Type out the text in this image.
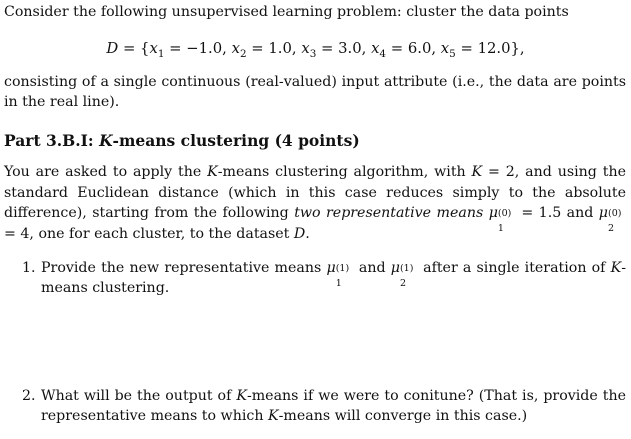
Consider the following unsupervised learning problem: cluster the data points
$D = \{x_1 = -1.0$, $x_2 = 1.0$, $x_3 = 3.0$, $x_4 = 6.0$, $x_5 = 12.0$},
consisting of a single continuous (real-valued) input attribute (i.e., the data are points in the real line).
Part 3.B.I: K-means clustering (4 points)
You are asked to apply the K-means clustering algorithm, with K = 2, and using the standard Euclidean distance (which in this case reduces simply to the absolute difference), starting from the following two representative means μ (0)
1
= 1.5 and μ (0)
2
= 4, one for each cluster, to the dataset D.
1. Provide the new representative means μ (1)
1
and μ (1)
2
after a single iteration of K-means clustering.
2. What will be the output of K-means if we were to conitune? (That is, provide the representative means to which K-means will converge in this case.)
